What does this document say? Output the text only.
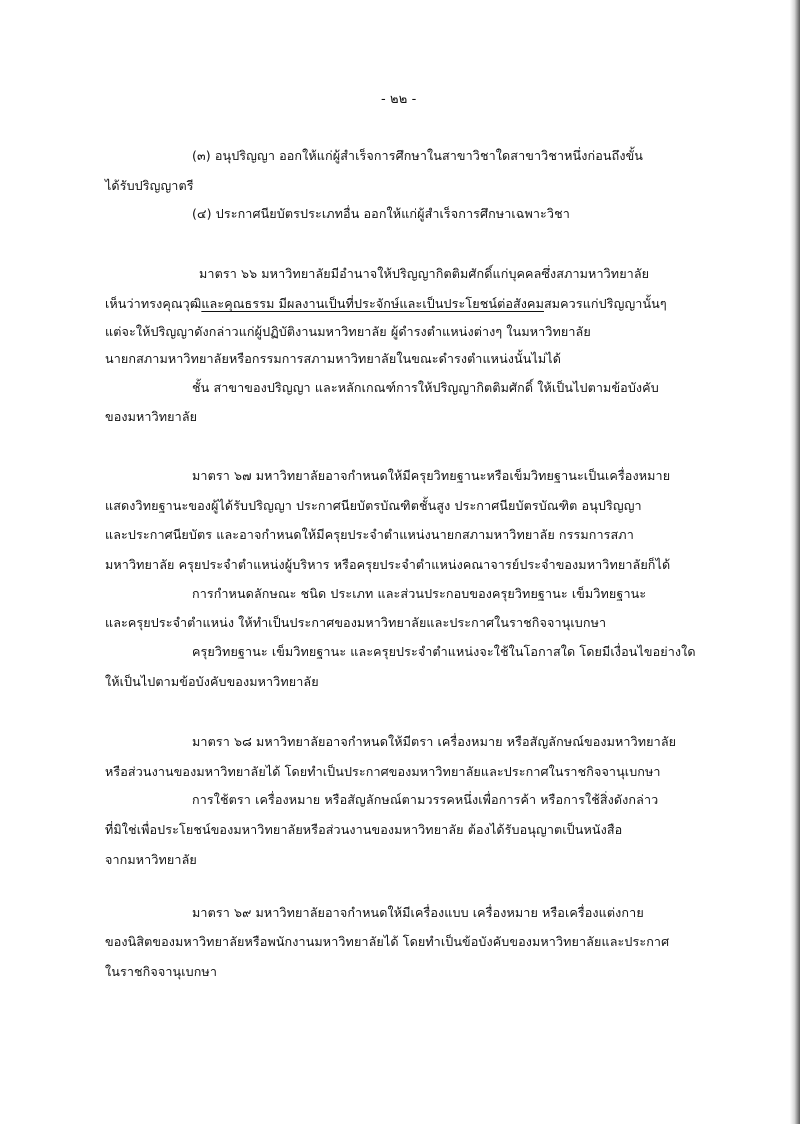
- ๒๒ -
(๓) อนุปริญญา ออกให้แก่ผู้สำเร็จการศึกษาในสาขาวิชาใดสาขาวิชาหนึ่งก่อนถึงขั้น
ได้รับปริญญาตรี
(๔) ประกาศนียบัตรประเภทอื่น ออกให้แก่ผู้สำเร็จการศึกษาเฉพาะวิชา
มาตรา ๖๖ มหาวิทยาลัยมีอำนาจให้ปริญญากิตติมศักดิ์แก่บุคคลซึ่งสภามหาวิทยาลัย
เห็นว่าทรงคุณวุฒิและคุณธรรม มีผลงานเป็นที่ประจักษ์และเป็นประโยชน์ต่อสังคมสมควรแก่ปริญญานั้นๆ
แต่จะให้ปริญญาดังกล่าวแก่ผู้ปฏิบัติงานมหาวิทยาลัย ผู้ดำรงตำแหน่งต่างๆ ในมหาวิทยาลัย
นายกสภามหาวิทยาลัยหรือกรรมการสภามหาวิทยาลัยในขณะดำรงตำแหน่งนั้นไม่ได้
ชั้น สาขาของปริญญา และหลักเกณฑ์การให้ปริญญากิตติมศักดิ์ ให้เป็นไปตามข้อบังคับ
ของมหาวิทยาลัย
มาตรา ๖๗ มหาวิทยาลัยอาจกำหนดให้มีครุยวิทยฐานะหรือเข็มวิทยฐานะเป็นเครื่องหมาย
แสดงวิทยฐานะของผู้ได้รับปริญญา ประกาศนียบัตรบัณฑิตชั้นสูง ประกาศนียบัตรบัณฑิต อนุปริญญา
และประกาศนียบัตร และอาจกำหนดให้มีครุยประจำตำแหน่งนายกสภามหาวิทยาลัย กรรมการสภา
มหาวิทยาลัย ครุยประจำตำแหน่งผู้บริหาร หรือครุยประจำตำแหน่งคณาจารย์ประจำของมหาวิทยาลัยก็ได้
การกำหนดลักษณะ ชนิด ประเภท และส่วนประกอบของครุยวิทยฐานะ เข็มวิทยฐานะ
และครุยประจำตำแหน่ง ให้ทำเป็นประกาศของมหาวิทยาลัยและประกาศในราชกิจจานุเบกษา
ครุยวิทยฐานะ เข็มวิทยฐานะ และครุยประจำตำแหน่งจะใช้ในโอกาสใด โดยมีเงื่อนไขอย่างใด
ให้เป็นไปตามข้อบังคับของมหาวิทยาลัย
มาตรา ๖๘ มหาวิทยาลัยอาจกำหนดให้มีตรา เครื่องหมาย หรือสัญลักษณ์ของมหาวิทยาลัย
หรือส่วนงานของมหาวิทยาลัยได้ โดยทำเป็นประกาศของมหาวิทยาลัยและประกาศในราชกิจจานุเบกษา
การใช้ตรา เครื่องหมาย หรือสัญลักษณ์ตามวรรคหนึ่งเพื่อการค้า หรือการใช้สิ่งดังกล่าว
ที่มิใช่เพื่อประโยชน์ของมหาวิทยาลัยหรือส่วนงานของมหาวิทยาลัย ต้องได้รับอนุญาตเป็นหนังสือ
จากมหาวิทยาลัย
มาตรา ๖๙ มหาวิทยาลัยอาจกำหนดให้มีเครื่องแบบ เครื่องหมาย หรือเครื่องแต่งกาย
ของนิสิตของมหาวิทยาลัยหรือพนักงานมหาวิทยาลัยได้ โดยทำเป็นข้อบังคับของมหาวิทยาลัยและประกาศ
ในราชกิจจานุเบกษา
